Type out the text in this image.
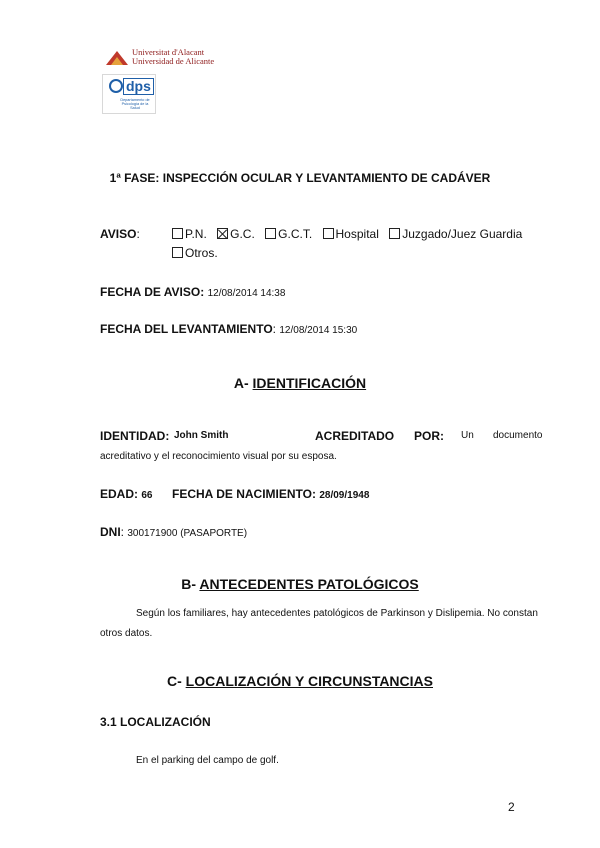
Universitat d'Alacant
Universidad de Alicante
dps
Departamento de
Psicología de la Salud
1ª FASE: INSPECCIÓN OCULAR Y LEVANTAMIENTO DE CADÁVER
AVISO:	P.N. G.C. G.C.T. Hospital Juzgado/Juez Guardia
Otros.
FECHA DE AVISO: 12/08/2014 14:38
FECHA DEL LEVANTAMIENTO: 12/08/2014 15:30
A- IDENTIFICACIÓN
IDENTIDAD: John Smith	ACREDITADO POR: Un documento
acreditativo y el reconocimiento visual por su esposa.
EDAD: 66 FECHA DE NACIMIENTO: 28/09/1948
DNI: 300171900 (PASAPORTE)
B- ANTECEDENTES PATOLÓGICOS
Según los familiares, hay antecedentes patológicos de Parkinson y Dislipemia. No constan
otros datos.
C- LOCALIZACIÓN Y CIRCUNSTANCIAS
3.1 LOCALIZACIÓN
En el parking del campo de golf.
2
